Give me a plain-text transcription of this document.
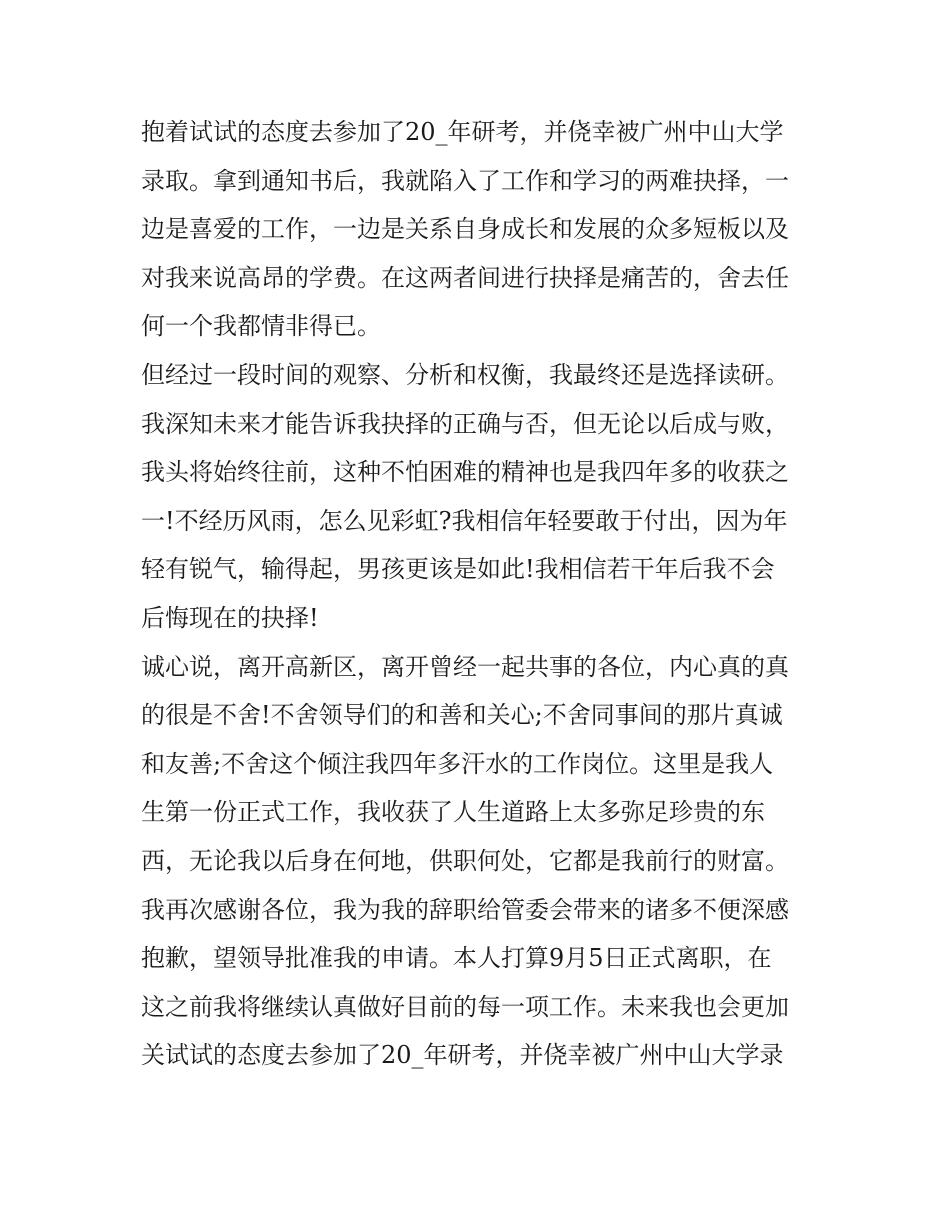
抱着试试的态度去参加了20_年研考，并侥幸被广州中山大学
录取。拿到通知书后，我就陷入了工作和学习的两难抉择，一
边是喜爱的工作，一边是关系自身成长和发展的众多短板以及
对我来说高昂的学费。在这两者间进行抉择是痛苦的，舍去任
何一个我都情非得已。
但经过一段时间的观察、分析和权衡，我最终还是选择读研。
我深知未来才能告诉我抉择的正确与否，但无论以后成与败，
我头将始终往前，这种不怕困难的精神也是我四年多的收获之
一!不经历风雨，怎么见彩虹?我相信年轻要敢于付出，因为年
轻有锐气，输得起，男孩更该是如此!我相信若干年后我不会
后悔现在的抉择!
诚心说，离开高新区，离开曾经一起共事的各位，内心真的真
的很是不舍!不舍领导们的和善和关心;不舍同事间的那片真诚
和友善;不舍这个倾注我四年多汗水的工作岗位。这里是我人
生第一份正式工作，我收获了人生道路上太多弥足珍贵的东
西，无论我以后身在何地，供职何处，它都是我前行的财富。
我再次感谢各位，我为我的辞职给管委会带来的诸多不便深感
抱歉，望领导批准我的申请。本人打算9月5日正式离职，在
这之前我将继续认真做好目前的每一项工作。未来我也会更加
关试试的态度去参加了20_年研考，并侥幸被广州中山大学录
